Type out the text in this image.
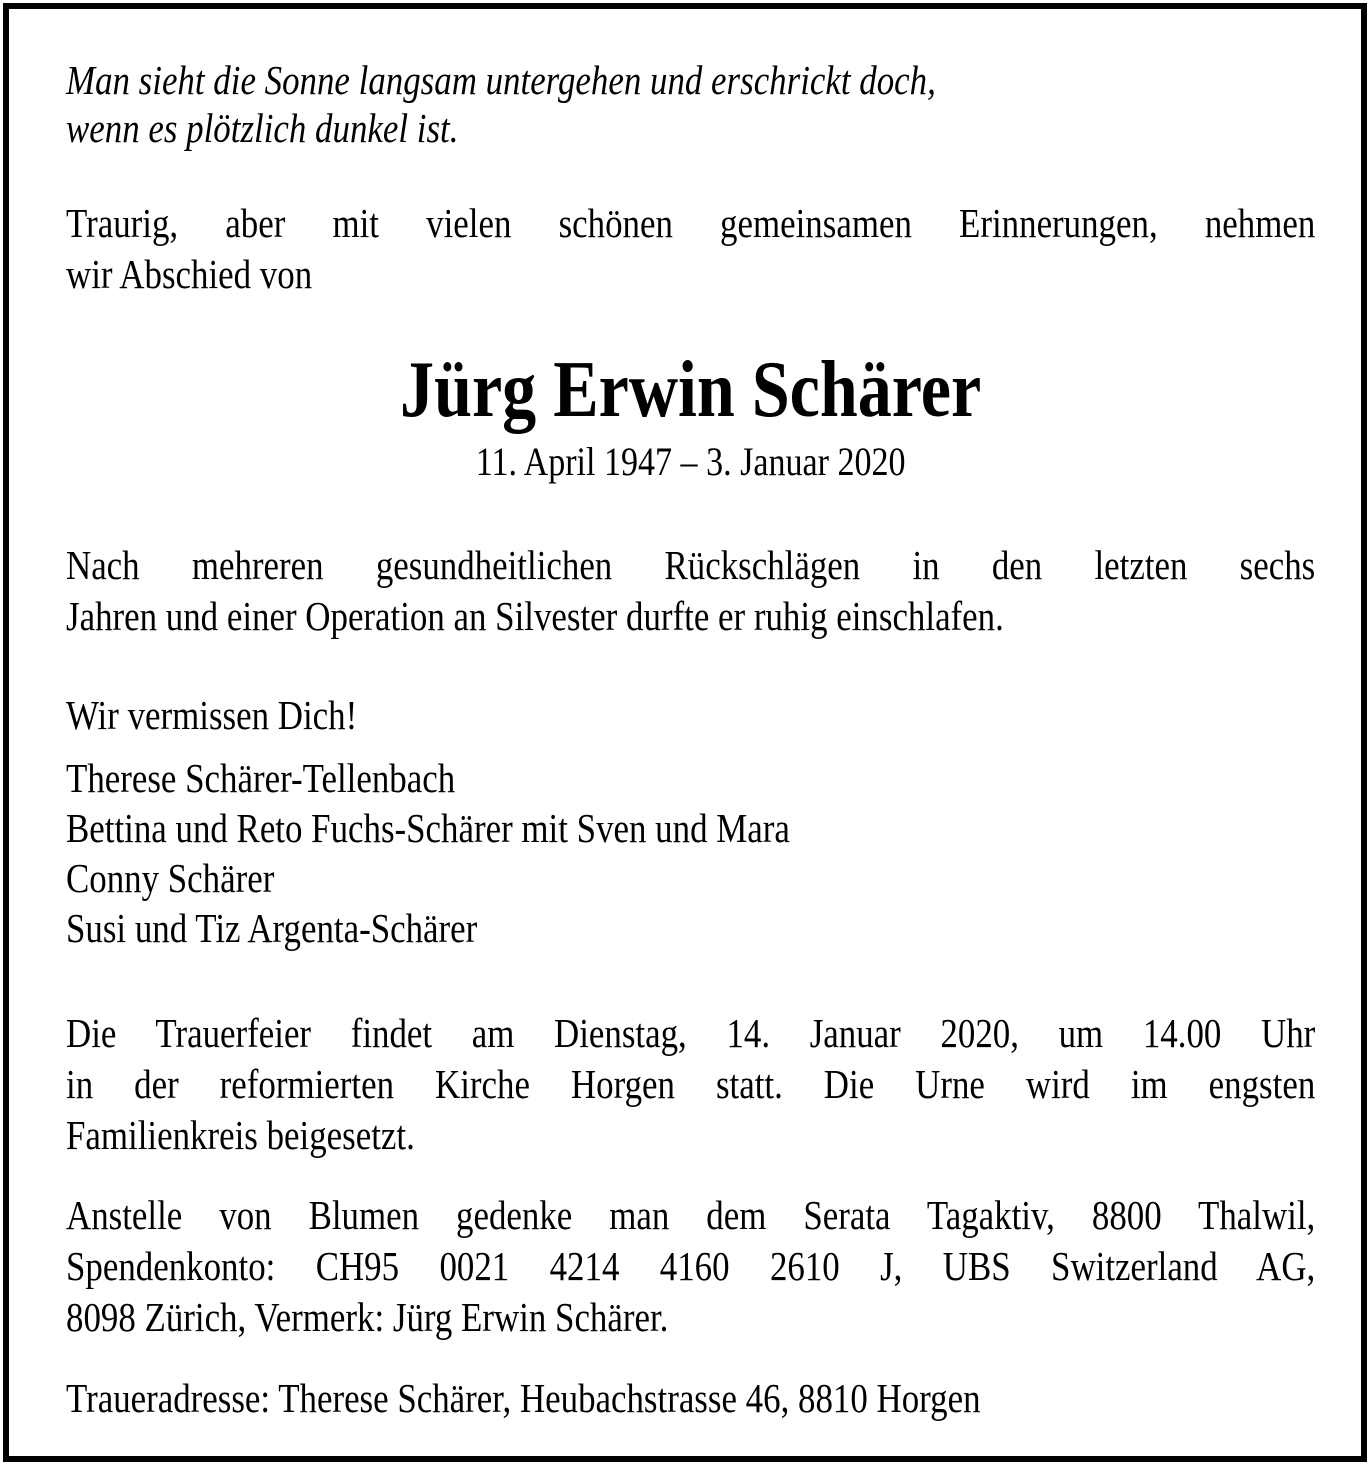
Man sieht die Sonne langsam untergehen und erschrickt doch,
wenn es plötzlich dunkel ist.
Traurig, aber mit vielen schönen gemeinsamen Erinnerungen, nehmen
wir Abschied von
Jürg Erwin Schärer
11. April 1947 – 3. Januar 2020
Nach mehreren gesundheitlichen Rückschlägen in den letzten sechs
Jahren und einer Operation an Silvester durfte er ruhig einschlafen.
Wir vermissen Dich!
Therese Schärer-Tellenbach
Bettina und Reto Fuchs-Schärer mit Sven und Mara
Conny Schärer
Susi und Tiz Argenta-Schärer
Die Trauerfeier findet am Dienstag, 14. Januar 2020, um 14.00 Uhr
in der reformierten Kirche Horgen statt. Die Urne wird im engsten
Familienkreis beigesetzt.
Anstelle von Blumen gedenke man dem Serata Tagaktiv, 8800 Thalwil,
Spendenkonto: CH95 0021 4214 4160 2610 J, UBS Switzerland AG,
8098 Zürich, Vermerk: Jürg Erwin Schärer.
Traueradresse: Therese Schärer, Heubachstrasse 46, 8810 Horgen
